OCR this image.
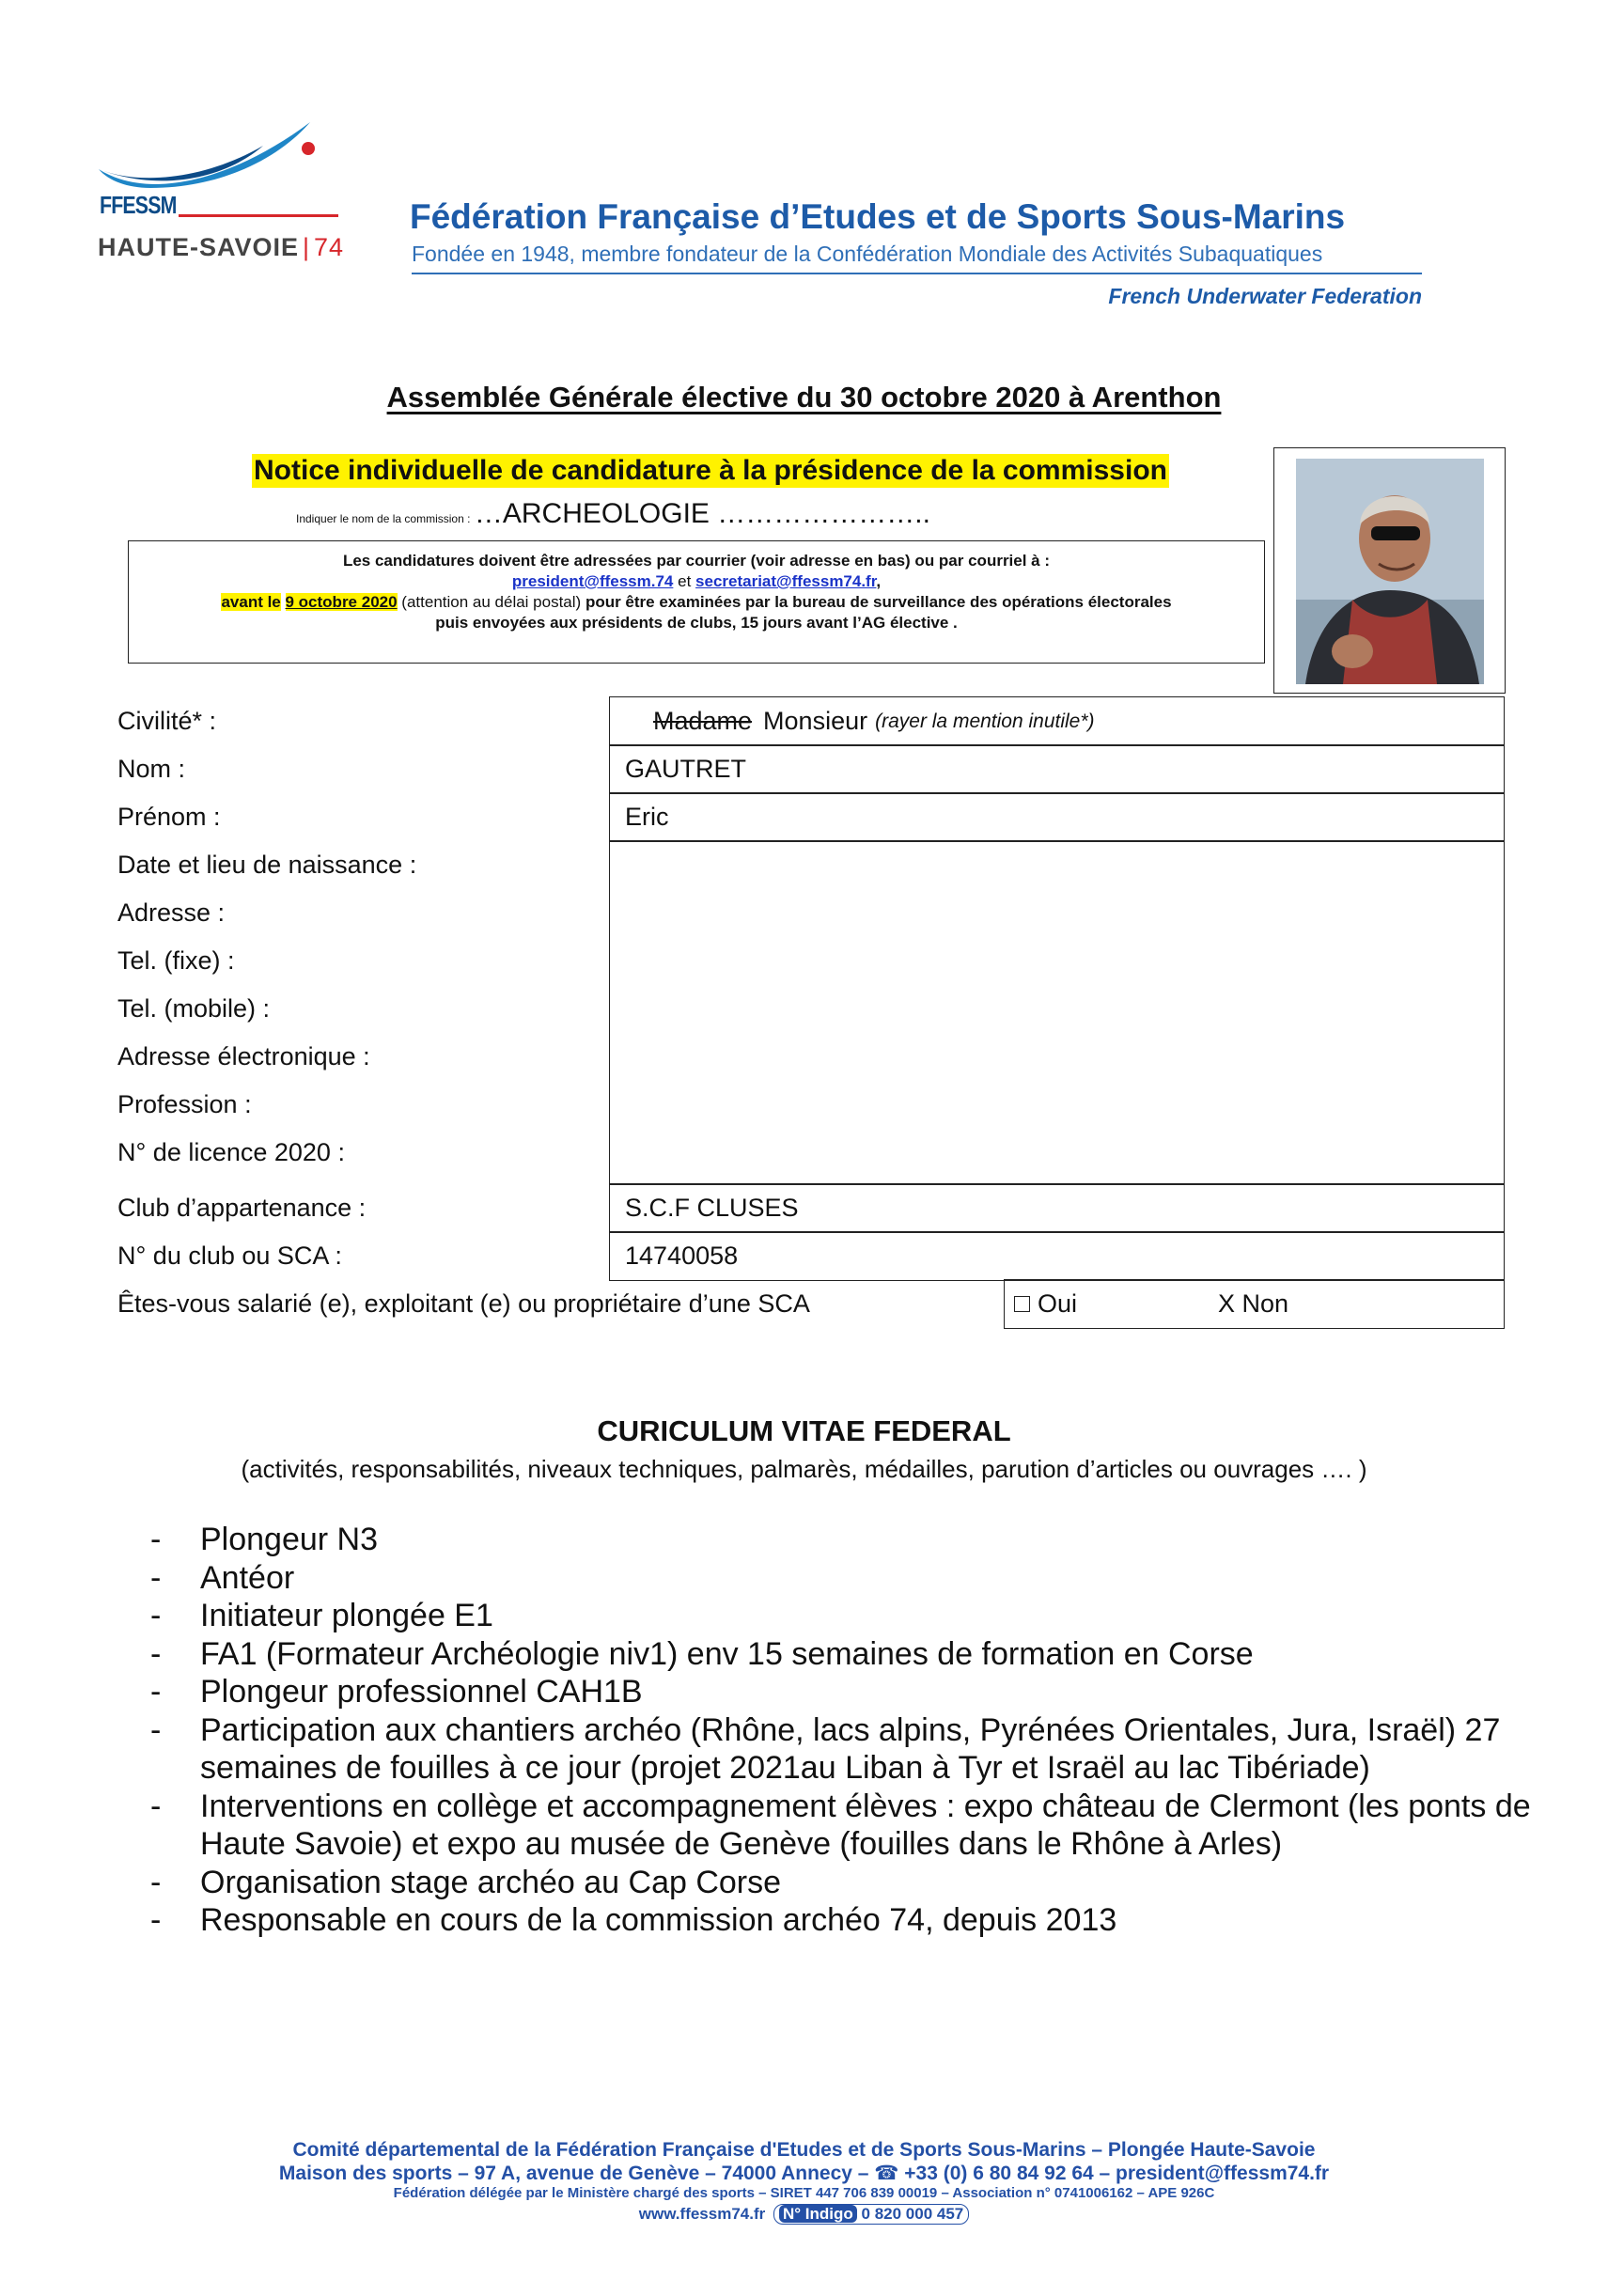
FFESSM
HAUTE-SAVOIE | 74
Fédération Française d’Etudes et de Sports Sous-Marins
Fondée en 1948, membre fondateur de la Confédération Mondiale des Activités Subaquatiques
French Underwater Federation
Assemblée Générale élective du 30 octobre 2020 à Arenthon
Notice individuelle de candidature à la présidence de la commission
Indiquer le nom de la commission : …ARCHEOLOGIE …………………..
Les candidatures doivent être adressées par courrier (voir adresse en bas) ou par courriel à :
president@ffessm.74 et secretariat@ffessm74.fr,
avant le 9 octobre 2020 (attention au délai postal) pour être examinées par la bureau de surveillance des opérations électorales
puis envoyées aux présidents de clubs, 15 jours avant l’AG élective .
Civilité* :	Madame Monsieur (rayer la mention inutile*)
Nom :	GAUTRET
Prénom :	Eric
Date et lieu de naissance :
Adresse :
Tel. (fixe) :
Tel. (mobile) :
Adresse électronique :
Profession :
N° de licence 2020 :
Club d’appartenance :	S.C.F CLUSES
N° du club ou SCA :	14740058
Êtes-vous salarié (e), exploitant (e) ou propriétaire d’une SCA	Oui	X Non
CURICULUM VITAE FEDERAL
(activités, responsabilités, niveaux techniques, palmarès, médailles, parution d’articles ou ouvrages …. )
-	Plongeur N3
-	Antéor
-	Initiateur plongée E1
-	FA1 (Formateur Archéologie niv1) env 15 semaines de formation en Corse
-	Plongeur professionnel CAH1B
-	Participation aux chantiers archéo (Rhône, lacs alpins, Pyrénées Orientales, Jura, Israël) 27 semaines de fouilles à ce jour (projet 2021au Liban à Tyr et Israël au lac Tibériade)
-	Interventions en collège et accompagnement élèves : expo château de Clermont (les ponts de Haute Savoie) et expo au musée de Genève (fouilles dans le Rhône à Arles)
-	Organisation stage archéo au Cap Corse
-	Responsable en cours de la commission archéo 74, depuis 2013
Comité départemental de la Fédération Française d'Etudes et de Sports Sous-Marins – Plongée Haute-Savoie
Maison des sports – 97 A, avenue de Genève – 74000 Annecy – ☎ +33 (0) 6 80 84 92 64 – president@ffessm74.fr
Fédération délégée par le Ministère chargé des sports – SIRET 447 706 839 00019 – Association n° 0741006162 – APE 926C
www.ffessm74.fr N° Indigo 0 820 000 457
